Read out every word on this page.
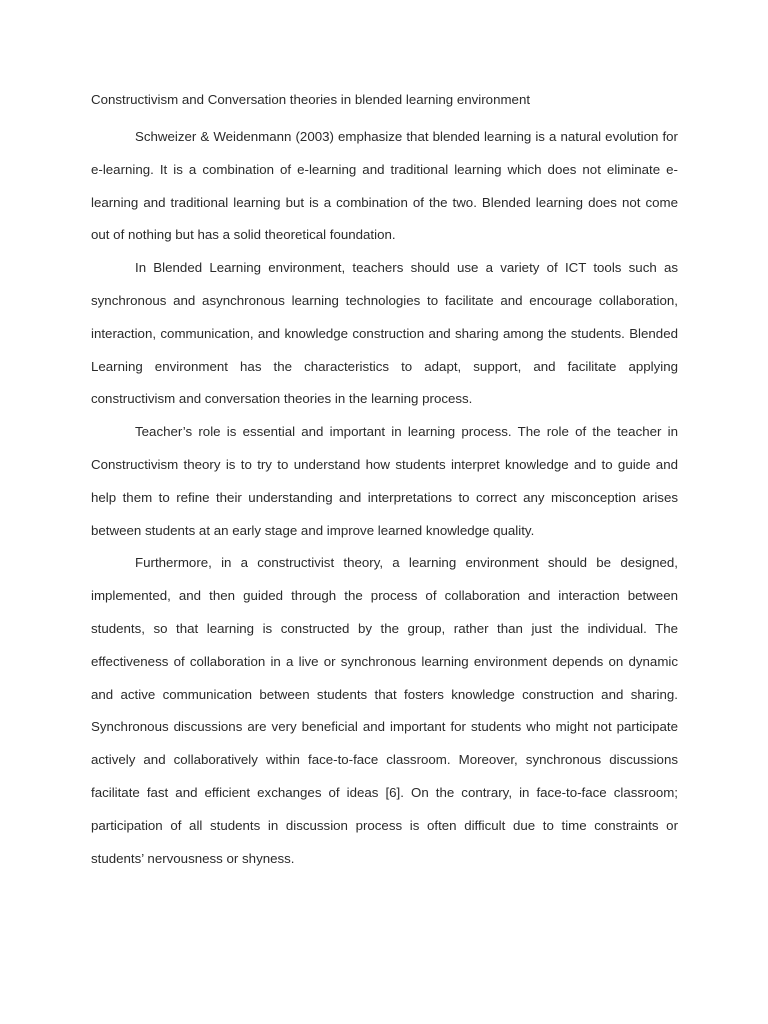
Constructivism and Conversation theories in blended learning environment

Schweizer & Weidenmann (2003) emphasize that blended learning is a natural evolution for e-learning. It is a combination of e-learning and traditional learning which does not eliminate e-learning and traditional learning but is a combination of the two. Blended learning does not come out of nothing but has a solid theoretical foundation.

In Blended Learning environment, teachers should use a variety of ICT tools such as synchronous and asynchronous learning technologies to facilitate and encourage collaboration, interaction, communication, and knowledge construction and sharing among the students. Blended Learning environment has the characteristics to adapt, support, and facilitate applying constructivism and conversation theories in the learning process.

Teacher’s role is essential and important in learning process. The role of the teacher in Constructivism theory is to try to understand how students interpret knowledge and to guide and help them to refine their understanding and interpretations to correct any misconception arises between students at an early stage and improve learned knowledge quality.

Furthermore, in a constructivist theory, a learning environment should be designed, implemented, and then guided through the process of collaboration and interaction between students, so that learning is constructed by the group, rather than just the individual. The effectiveness of collaboration in a live or synchronous learning environment depends on dynamic and active communication between students that fosters knowledge construction and sharing. Synchronous discussions are very beneficial and important for students who might not participate actively and collaboratively within face-to-face classroom. Moreover, synchronous discussions facilitate fast and efficient exchanges of ideas [6]. On the contrary, in face-to-face classroom; participation of all students in discussion process is often difficult due to time constraints or students’ nervousness or shyness.
